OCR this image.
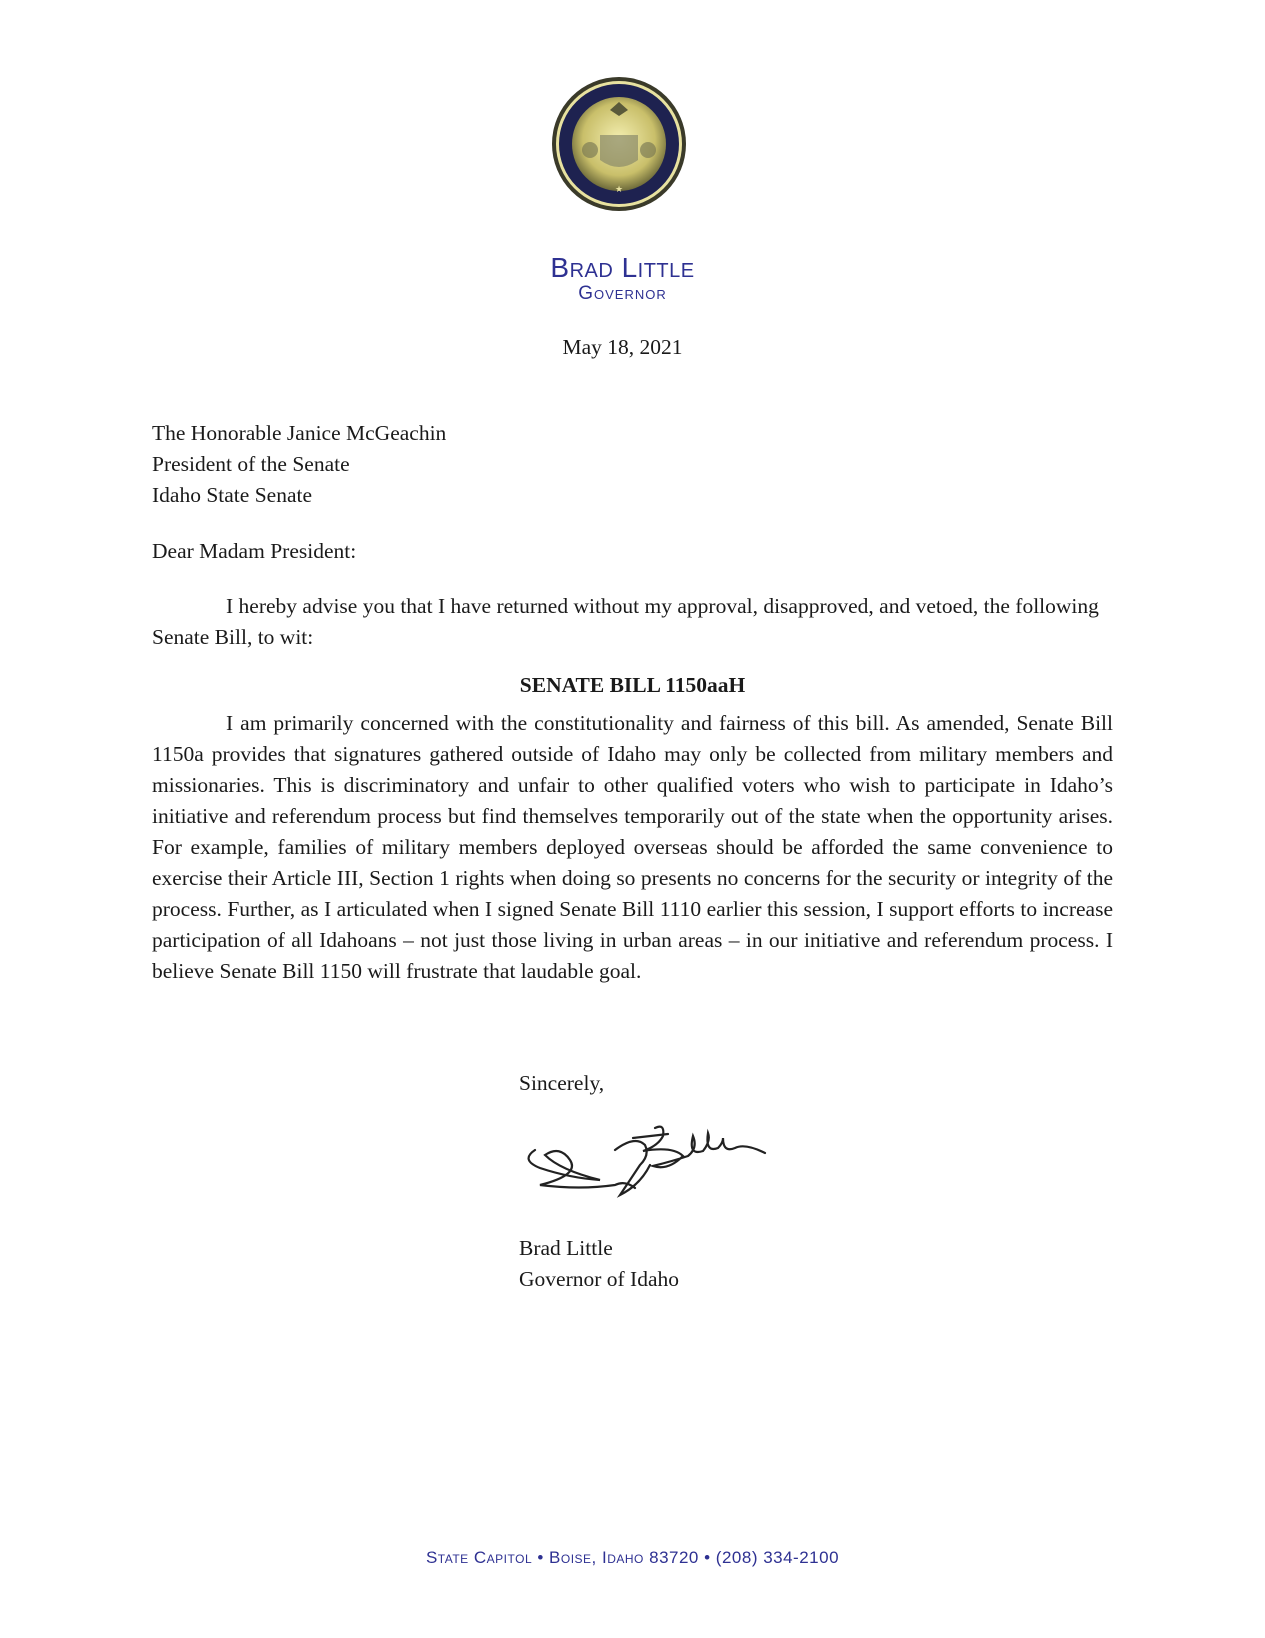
★
Brad Little
Governor
May 18, 2021
The Honorable Janice McGeachin
President of the Senate
Idaho State Senate
Dear Madam President:
I hereby advise you that I have returned without my approval, disapproved, and vetoed, the following Senate Bill, to wit:
SENATE BILL 1150aaH
I am primarily concerned with the constitutionality and fairness of this bill. As amended, Senate Bill 1150a provides that signatures gathered outside of Idaho may only be collected from military members and missionaries. This is discriminatory and unfair to other qualified voters who wish to participate in Idaho’s initiative and referendum process but find themselves temporarily out of the state when the opportunity arises. For example, families of military members deployed overseas should be afforded the same convenience to exercise their Article III, Section 1 rights when doing so presents no concerns for the security or integrity of the process. Further, as I articulated when I signed Senate Bill 1110 earlier this session, I support efforts to increase participation of all Idahoans – not just those living in urban areas – in our initiative and referendum process. I believe Senate Bill 1150 will frustrate that laudable goal.
Sincerely,
Brad Little
Governor of Idaho
State Capitol • Boise, Idaho 83720 • (208) 334-2100
